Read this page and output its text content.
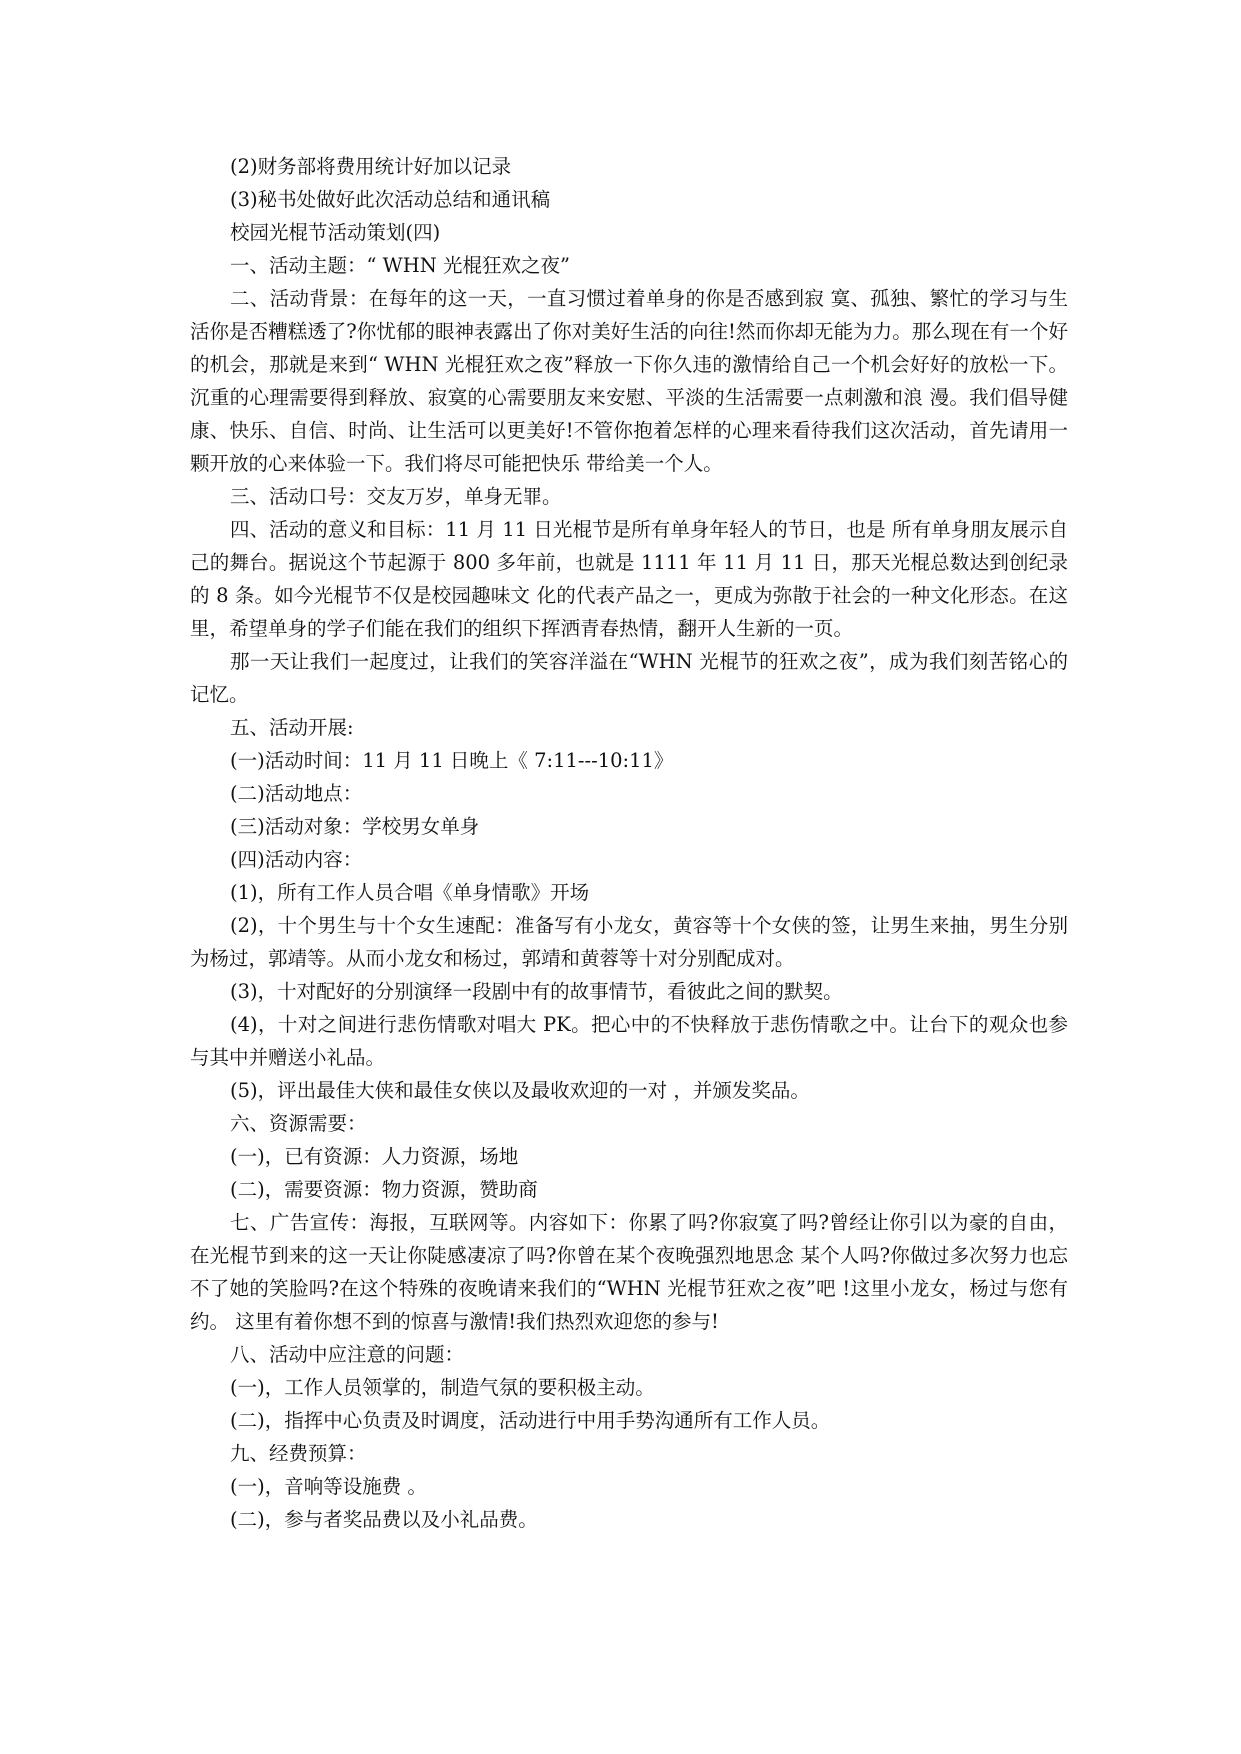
(2)财务部将费用统计好加以记录

(3)秘书处做好此次活动总结和通讯稿

校园光棍节活动策划(四)

一、活动主题：“ WHN 光棍狂欢之夜”

二、活动背景：在每年的这一天，一直习惯过着单身的你是否感到寂 寞、孤独、繁忙的学习与生活你是否糟糕透了?你忧郁的眼神表露出了你对美好生活的向往!然而你却无能为力。那么现在有一个好的机会，那就是来到“ WHN 光棍狂欢之夜”释放一下你久违的激情给自己一个机会好好的放松一下。沉重的心理需要得到释放、寂寞的心需要朋友来安慰、平淡的生活需要一点刺激和浪 漫。我们倡导健康、快乐、自信、时尚、让生活可以更美好!不管你抱着怎样的心理来看待我们这次活动，首先请用一颗开放的心来体验一下。我们将尽可能把快乐 带给美一个人。

三、活动口号：交友万岁，单身无罪。

四、活动的意义和目标：11 月 11 日光棍节是所有单身年轻人的节日，也是 所有单身朋友展示自己的舞台。据说这个节起源于 800 多年前，也就是 1111 年 11 月 11 日，那天光棍总数达到创纪录的 8 条。如今光棍节不仅是校园趣味文 化的代表产品之一，更成为弥散于社会的一种文化形态。在这里，希望单身的学子们能在我们的组织下挥洒青春热情，翻开人生新的一页。

那一天让我们一起度过，让我们的笑容洋溢在“WHN 光棍节的狂欢之夜”，成为我们刻苦铭心的记忆。

五、活动开展:

(一)活动时间：11 月 11 日晚上《 7:11---10:11》

(二)活动地点：

(三)活动对象：学校男女单身

(四)活动内容：

(1)，所有工作人员合唱《单身情歌》开场

(2)，十个男生与十个女生速配：准备写有小龙女，黄容等十个女侠的签，让男生来抽，男生分别为杨过，郭靖等。从而小龙女和杨过，郭靖和黄蓉等十对分别配成对。

(3)，十对配好的分别演绎一段剧中有的故事情节，看彼此之间的默契。

(4)，十对之间进行悲伤情歌对唱大 PK。把心中的不快释放于悲伤情歌之中。让台下的观众也参与其中并赠送小礼品。

(5)，评出最佳大侠和最佳女侠以及最收欢迎的一对 ，并颁发奖品。

六、资源需要：

(一)，已有资源：人力资源，场地

(二)，需要资源：物力资源，赞助商

七、广告宣传：海报，互联网等。内容如下：你累了吗?你寂寞了吗?曾经让你引以为豪的自由，在光棍节到来的这一天让你陡感凄凉了吗?你曾在某个夜晚强烈地思念 某个人吗?你做过多次努力也忘不了她的笑脸吗?在这个特殊的夜晚请来我们的“WHN 光棍节狂欢之夜”吧 !这里小龙女，杨过与您有约。 这里有着你想不到的惊喜与激情!我们热烈欢迎您的参与!

八、活动中应注意的问题：

(一)，工作人员领掌的，制造气氛的要积极主动。

(二)，指挥中心负责及时调度，活动进行中用手势沟通所有工作人员。

九、经费预算：

(一)，音响等设施费 。

(二)，参与者奖品费以及小礼品费。
